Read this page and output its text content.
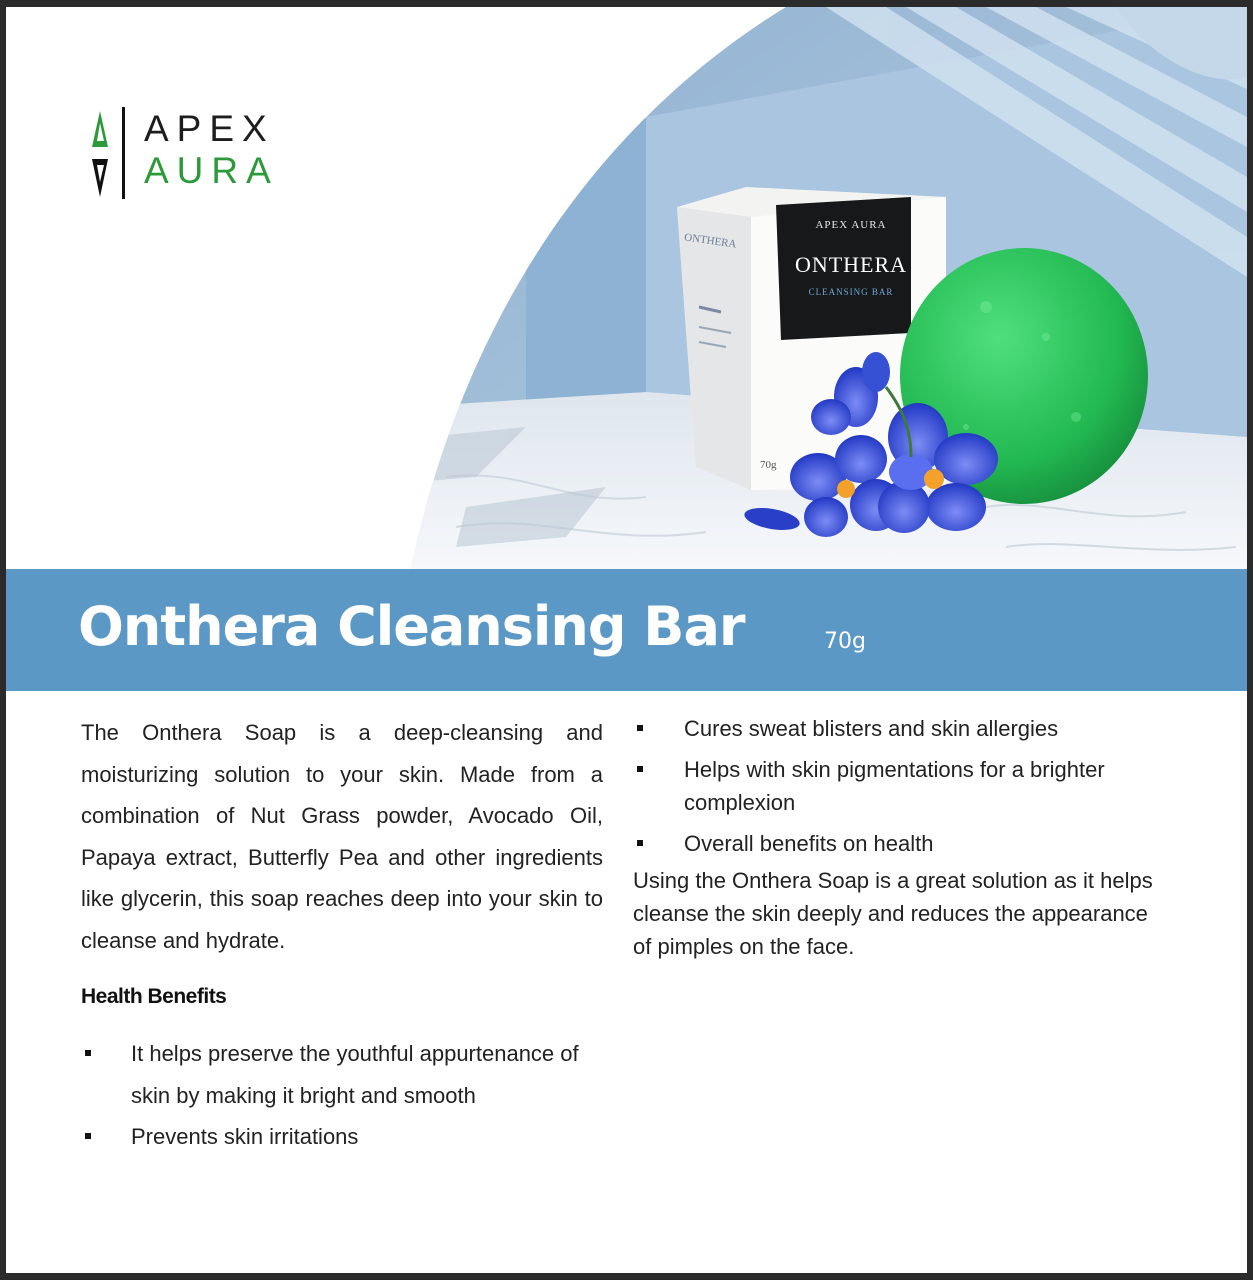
APEX
AURA
APEX AURA
ONTHERA
CLEANSING BAR
ONTHERA
70g
Onthera Cleansing Bar	70g

The Onthera Soap is a deep-cleansing and moisturizing solution to your skin. Made from a combination of Nut Grass powder, Avocado Oil, Papaya extract, Butterfly Pea and other ingredients like glycerin, this soap reaches deep into your skin to cleanse and hydrate.

Health Benefits
It helps preserve the youthful appurtenance of skin by making it bright and smooth
Prevents skin irritations
Cures sweat blisters and skin allergies
Helps with skin pigmentations for a brighter complexion
Overall benefits on health

Using the Onthera Soap is a great solution as it helps cleanse the skin deeply and reduces the appearance of pimples on the face.
